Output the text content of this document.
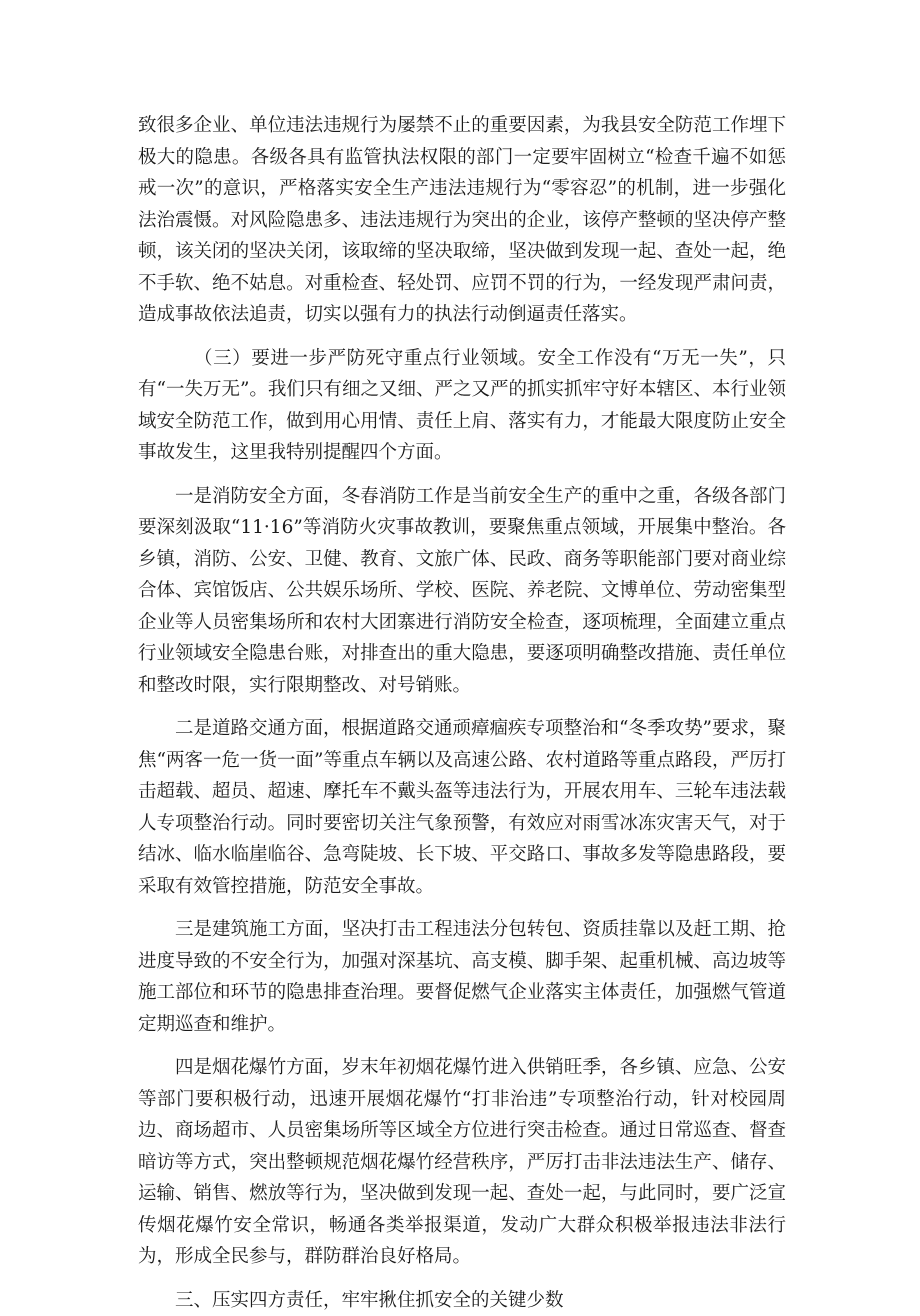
致很多企业、单位违法违规行为屡禁不止的重要因素，为我县安全防范工作埋下极大的隐患。各级各具有监管执法权限的部门一定要牢固树立“检查千遍不如惩戒一次”的意识，严格落实安全生产违法违规行为“零容忍”的机制，进一步强化法治震慑。对风险隐患多、违法违规行为突出的企业，该停产整顿的坚决停产整顿，该关闭的坚决关闭，该取缔的坚决取缔，坚决做到发现一起、查处一起，绝不手软、绝不姑息。对重检查、轻处罚、应罚不罚的行为，一经发现严肃问责，造成事故依法追责，切实以强有力的执法行动倒逼责任落实。

（三）要进一步严防死守重点行业领域。安全工作没有“万无一失”，只有“一失万无”。我们只有细之又细、严之又严的抓实抓牢守好本辖区、本行业领域安全防范工作，做到用心用情、责任上肩、落实有力，才能最大限度防止安全事故发生，这里我特别提醒四个方面。

一是消防安全方面，冬春消防工作是当前安全生产的重中之重，各级各部门要深刻汲取“11·16”等消防火灾事故教训，要聚焦重点领域，开展集中整治。各乡镇，消防、公安、卫健、教育、文旅广体、民政、商务等职能部门要对商业综合体、宾馆饭店、公共娱乐场所、学校、医院、养老院、文博单位、劳动密集型企业等人员密集场所和农村大团寨进行消防安全检查，逐项梳理，全面建立重点行业领域安全隐患台账，对排查出的重大隐患，要逐项明确整改措施、责任单位和整改时限，实行限期整改、对号销账。

二是道路交通方面，根据道路交通顽瘴痼疾专项整治和“冬季攻势”要求，聚焦“两客一危一货一面”等重点车辆以及高速公路、农村道路等重点路段，严厉打击超载、超员、超速、摩托车不戴头盔等违法行为，开展农用车、三轮车违法载人专项整治行动。同时要密切关注气象预警，有效应对雨雪冰冻灾害天气，对于结冰、临水临崖临谷、急弯陡坡、长下坡、平交路口、事故多发等隐患路段，要采取有效管控措施，防范安全事故。

三是建筑施工方面，坚决打击工程违法分包转包、资质挂靠以及赶工期、抢进度导致的不安全行为，加强对深基坑、高支模、脚手架、起重机械、高边坡等施工部位和环节的隐患排查治理。要督促燃气企业落实主体责任，加强燃气管道定期巡查和维护。

四是烟花爆竹方面，岁末年初烟花爆竹进入供销旺季，各乡镇、应急、公安等部门要积极行动，迅速开展烟花爆竹“打非治违”专项整治行动，针对校园周边、商场超市、人员密集场所等区域全方位进行突击检查。通过日常巡查、督查暗访等方式，突出整顿规范烟花爆竹经营秩序，严厉打击非法违法生产、储存、运输、销售、燃放等行为，坚决做到发现一起、查处一起，与此同时，要广泛宣传烟花爆竹安全常识，畅通各类举报渠道，发动广大群众积极举报违法非法行为，形成全民参与，群防群治良好格局。

三、压实四方责任，牢牢揪住抓安全的关键少数
